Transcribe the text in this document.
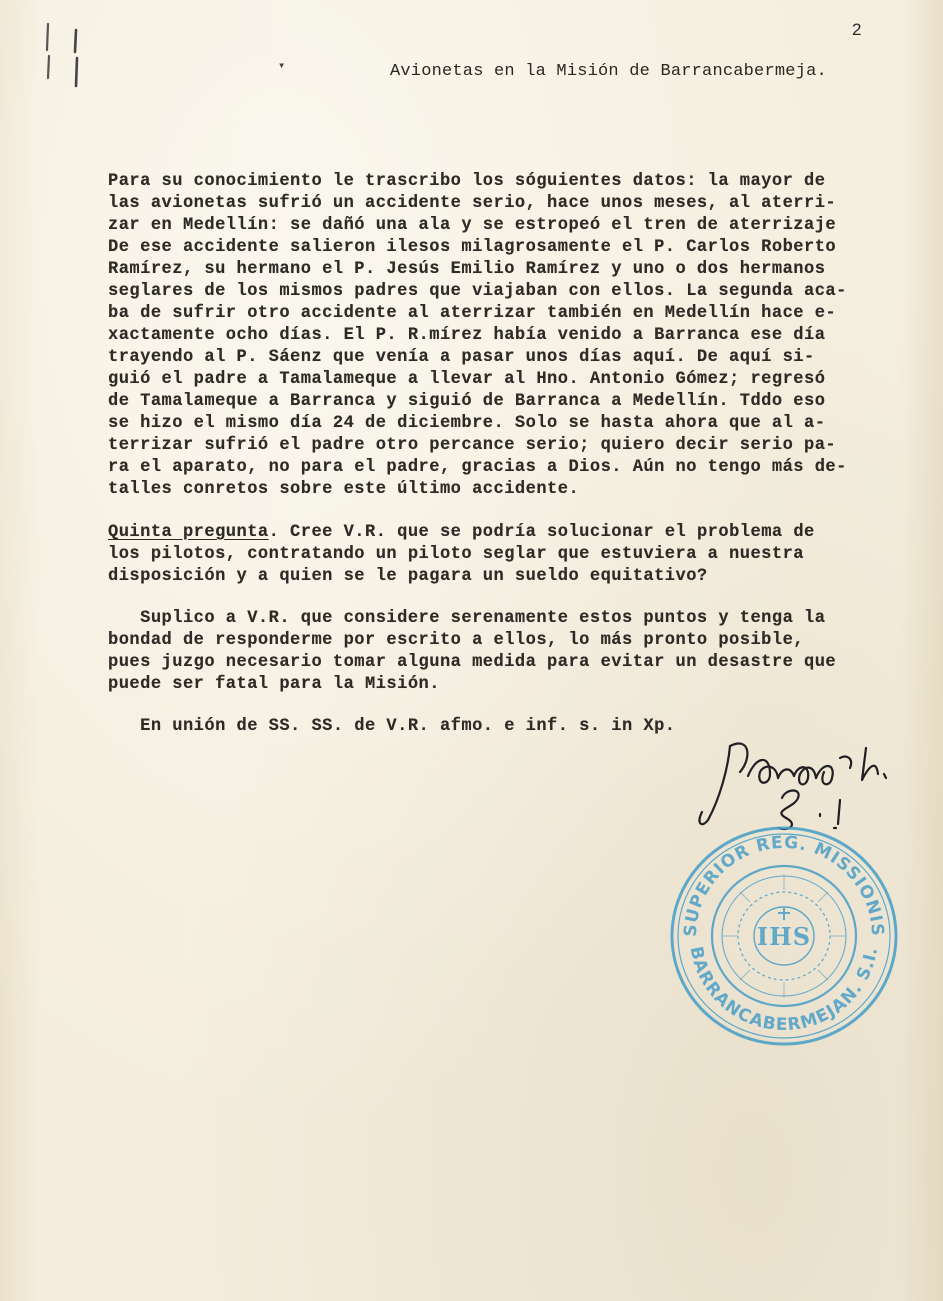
2
▾	Avionetas en la Misión de Barrancabermeja.
Para su conocimiento le trascribo los sóguientes datos: la mayor de
las avionetas sufrió un accidente serio, hace unos meses, al aterri-
zar en Medellín: se dañó una ala y se estropeó el tren de aterrizaje
De ese accidente salieron ilesos milagrosamente el P. Carlos Roberto
Ramírez, su hermano el P. Jesús Emilio Ramírez y uno o dos hermanos
seglares de los mismos padres que viajaban con ellos. La segunda aca-
ba de sufrir otro accidente al aterrizar también en Medellín hace e-
xactamente ocho días. El P. R.mírez había venido a Barranca ese día
trayendo al P. Sáenz que venía a pasar unos días aquí. De aquí si-
guió el padre a Tamalameque a llevar al Hno. Antonio Gómez; regresó
de Tamalameque a Barranca y siguió de Barranca a Medellín. Tddo eso
se hizo el mismo día 24 de diciembre. Solo se hasta ahora que al a-
terrizar sufrió el padre otro percance serio; quiero decir serio pa-
ra el aparato, no para el padre, gracias a Dios. Aún no tengo más de-
talles conretos sobre este último accidente.
Quinta pregunta. Cree V.R. que se podría solucionar el problema de
los pilotos, contratando un piloto seglar que estuviera a nuestra
disposición y a quien se le pagara un sueldo equitativo?
Suplico a V.R. que considere serenamente estos puntos y tenga la
bondad de responderme por escrito a ellos, lo más pronto posible,
pues juzgo necesario tomar alguna medida para evitar un desastre que
puede ser fatal para la Misión.
En unión de SS. SS. de V.R. afmo. e inf. s. in Xp.
SUPERIOR REG. MISSIONIS
BARRANCABERMEJAN. S.I.
IHS
